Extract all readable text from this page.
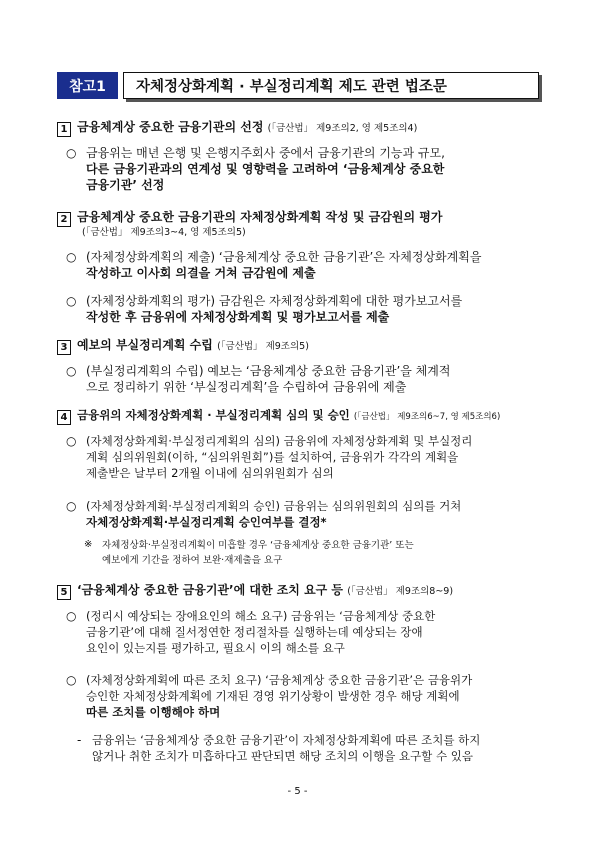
참고1	자체정상화계획 · 부실정리계획 제도 관련 법조문
1 금융체계상 중요한 금융기관의 선정 (「금산법」 제9조의2, 영 제5조의4)
○ 금융위는 매년 은행 및 은행지주회사 중에서 금융기관의 기능과 규모,
다른 금융기관과의 연계성 및 영향력을 고려하여 ‘금융체계상 중요한
금융기관’ 선정
2 금융체계상 중요한 금융기관의 자체정상화계획 작성 및 금감원의 평가
(「금산법」 제9조의3~4, 영 제5조의5)
○ (자체정상화계획의 제출) ‘금융체계상 중요한 금융기관’은 자체정상화계획을
작성하고 이사회 의결을 거쳐 금감원에 제출
○ (자체정상화계획의 평가) 금감원은 자체정상화계획에 대한 평가보고서를
작성한 후 금융위에 자체정상화계획 및 평가보고서를 제출
3 예보의 부실정리계획 수립 (「금산법」 제9조의5)
○ (부실정리계획의 수립) 예보는 ‘금융체계상 중요한 금융기관’을 체계적
으로 정리하기 위한 ‘부실정리계획’을 수립하여 금융위에 제출
4 금융위의 자체정상화계획 · 부실정리계획 심의 및 승인 (「금산법」 제9조의6~7, 영 제5조의6)
○ (자체정상화계획·부실정리계획의 심의) 금융위에 자체정상화계획 및 부실정리
계획 심의위원회(이하, “심의위원회”)를 설치하여, 금융위가 각각의 계획을
제출받은 날부터 2개월 이내에 심의위원회가 심의
○ (자체정상화계획·부실정리계획의 승인) 금융위는 심의위원회의 심의를 거쳐
자체정상화계획·부실정리계획 승인여부를 결정*
※ 자체정상화·부실정리계획이 미흡할 경우 ‘금융체계상 중요한 금융기관’ 또는
예보에게 기간을 정하여 보완·재제출을 요구
5 ‘금융체계상 중요한 금융기관’에 대한 조치 요구 등 (「금산법」 제9조의8~9)
○ (정리시 예상되는 장애요인의 해소 요구) 금융위는 ‘금융체계상 중요한
금융기관’에 대해 질서정연한 정리절차를 실행하는데 예상되는 장애
요인이 있는지를 평가하고, 필요시 이의 해소를 요구
○ (자체정상화계획에 따른 조치 요구) ‘금융체계상 중요한 금융기관’은 금융위가
승인한 자체정상화계획에 기재된 경영 위기상황이 발생한 경우 해당 계획에
따른 조치를 이행해야 하며
- 금융위는 ‘금융체계상 중요한 금융기관’이 자체정상화계획에 따른 조치를 하지
않거나 취한 조치가 미흡하다고 판단되면 해당 조치의 이행을 요구할 수 있음
- 5 -
